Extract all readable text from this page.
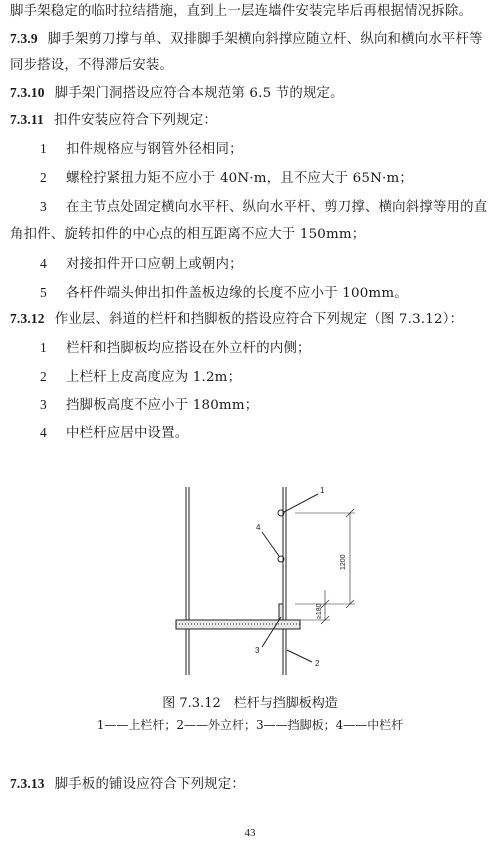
脚手架稳定的临时拉结措施，直到上一层连墙件安装完毕后再根据情况拆除。
7.3.9 脚手架剪刀撑与单、双排脚手架横向斜撑应随立杆、纵向和横向水平杆等
同步搭设，不得滞后安装。
7.3.10 脚手架门洞搭设应符合本规范第 6.5 节的规定。
7.3.11 扣件安装应符合下列规定：
1 扣件规格应与钢管外径相同；
2 螺栓拧紧扭力矩不应小于 40N·m，且不应大于 65N·m；
3 在主节点处固定横向水平杆、纵向水平杆、剪刀撑、横向斜撑等用的直
角扣件、旋转扣件的中心点的相互距离不应大于 150mm；
4 对接扣件开口应朝上或朝内；
5 各杆件端头伸出扣件盖板边缘的长度不应小于 100mm。
7.3.12 作业层、斜道的栏杆和挡脚板的搭设应符合下列规定（图 7.3.12）：
1 栏杆和挡脚板均应搭设在外立杆的内侧；
2 上栏杆上皮高度应为 1.2m；
3 挡脚板高度不应小于 180mm；
4 中栏杆应居中设置。
1
4
3
2
1200
≥180
图 7.3.12　栏杆与挡脚板构造
1——上栏杆；2——外立杆；3——挡脚板；4——中栏杆
7.3.13 脚手板的铺设应符合下列规定：
43
